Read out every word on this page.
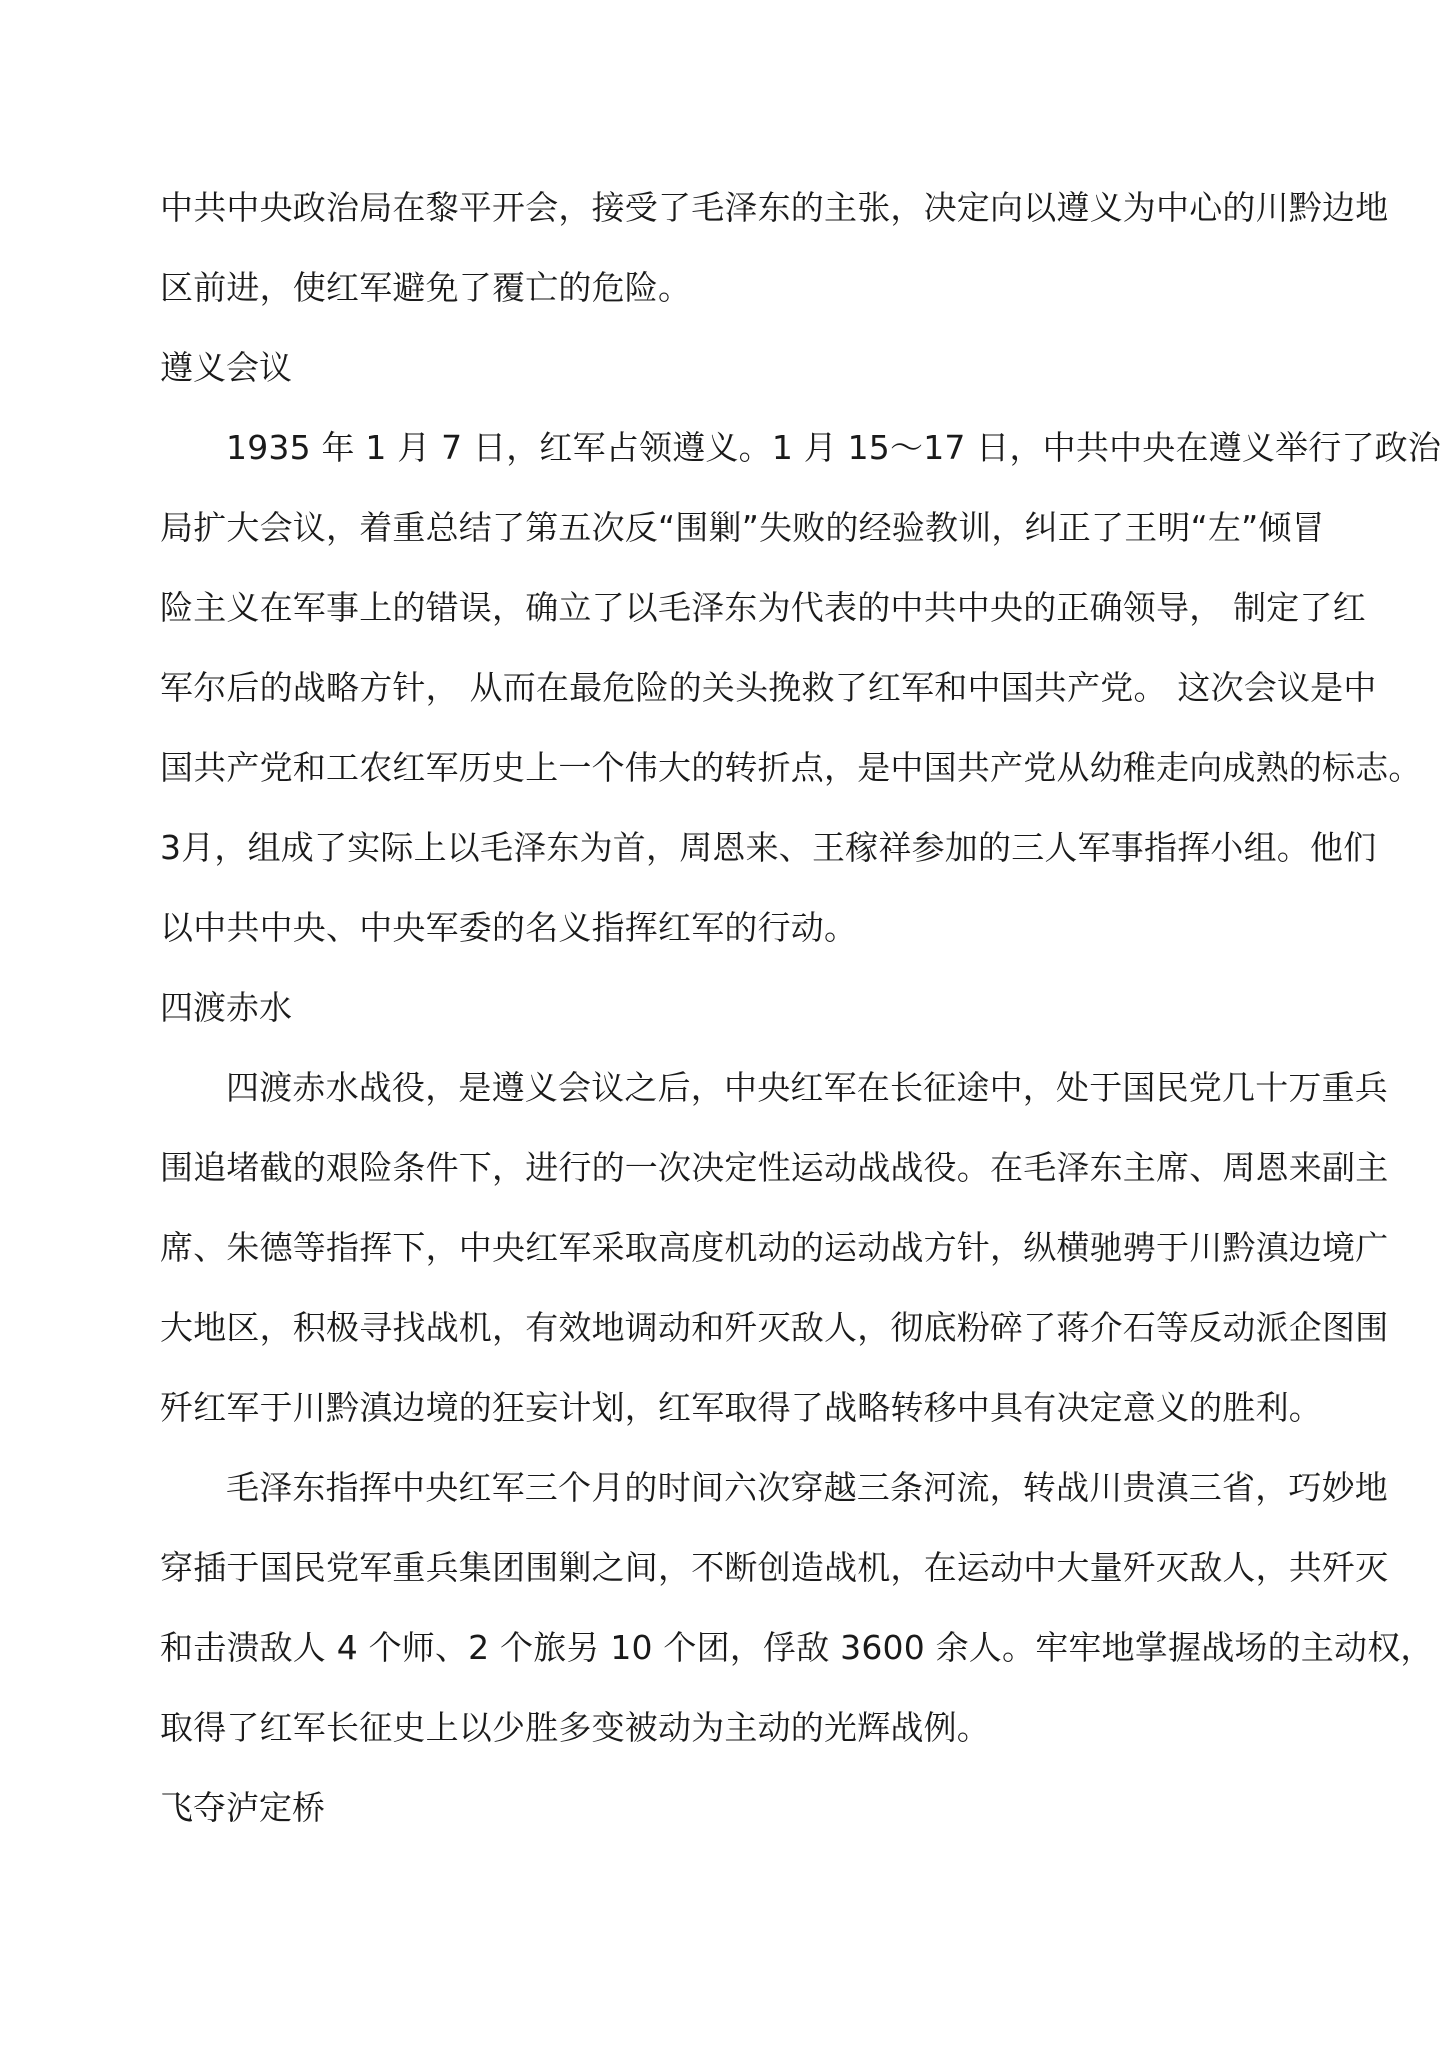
中共中央政治局在黎平开会，接受了毛泽东的主张，决定向以遵义为中心的川黔边地
区前进，使红军避免了覆亡的危险。
遵义会议
1935 年 1 月 7 日，红军占领遵义。1 月 15～17 日，中共中央在遵义举行了政治
局扩大会议，着重总结了第五次反“围剿”失败的经验教训，纠正了王明“左”倾冒
险主义在军事上的错误，确立了以毛泽东为代表的中共中央的正确领导， 制定了红
军尔后的战略方针， 从而在最危险的关头挽救了红军和中国共产党。 这次会议是中
国共产党和工农红军历史上一个伟大的转折点，是中国共产党从幼稚走向成熟的标志。
3月，组成了实际上以毛泽东为首，周恩来、王稼祥参加的三人军事指挥小组。他们
以中共中央、中央军委的名义指挥红军的行动。
四渡赤水
四渡赤水战役，是遵义会议之后，中央红军在长征途中，处于国民党几十万重兵
围追堵截的艰险条件下，进行的一次决定性运动战战役。在毛泽东主席、周恩来副主
席、朱德等指挥下，中央红军采取高度机动的运动战方针，纵横驰骋于川黔滇边境广
大地区，积极寻找战机，有效地调动和歼灭敌人，彻底粉碎了蒋介石等反动派企图围
歼红军于川黔滇边境的狂妄计划，红军取得了战略转移中具有决定意义的胜利。
毛泽东指挥中央红军三个月的时间六次穿越三条河流，转战川贵滇三省，巧妙地
穿插于国民党军重兵集团围剿之间，不断创造战机，在运动中大量歼灭敌人，共歼灭
和击溃敌人 4 个师、2 个旅另 10 个团，俘敌 3600 余人。牢牢地掌握战场的主动权，
取得了红军长征史上以少胜多变被动为主动的光辉战例。
飞夺泸定桥
